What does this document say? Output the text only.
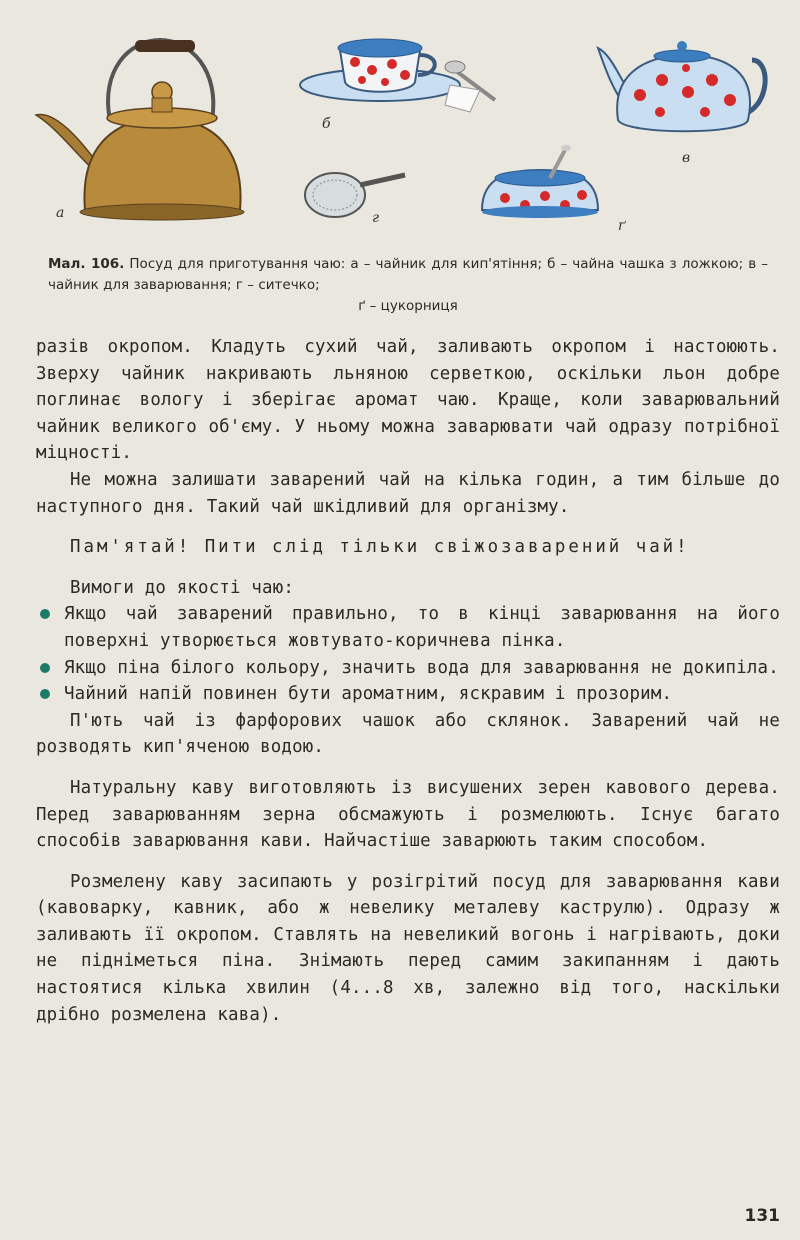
а
б
в
г	ґ
Мал. 106. Посуд для приготування чаю: а – чайник для кип'ятіння; б – чайна чашка з ложкою; в – чайник для заварювання; г – ситечко;
ґ – цукорниця

разів окропом. Кладуть сухий чай, заливають окропом і настоюють. Зверху чайник накривають льняною серветкою, оскільки льон добре поглинає вологу і зберігає аромат чаю. Краще, коли заварювальний чайник великого об'єму. У ньому можна заварювати чай одразу потрібної міцності.

Не можна залишати заварений чай на кілька годин, а тим більше до наступного дня. Такий чай шкідливий для організму.

Пам'ятай! Пити слід тільки свіжозаварений чай!

Вимоги до якості чаю:

Якщо чай заварений правильно, то в кінці заварювання на його поверхні утворюється жовтувато-коричнева пінка.
Якщо піна білого кольору, значить вода для заварювання не докипіла.
Чайний напій повинен бути ароматним, яскравим і прозорим.

П'ють чай із фарфорових чашок або склянок. Заварений чай не розводять кип'яченою водою.

Натуральну каву виготовляють із висушених зерен кавового дерева. Перед заварюванням зерна обсмажують і розмелюють. Існує багато способів заварювання кави. Найчастіше заварюють таким способом.

Розмелену каву засипають у розігрітий посуд для заварювання кави (кавоварку, кавник, або ж невелику металеву каструлю). Одразу ж заливають її окропом. Ставлять на невеликий вогонь і нагрівають, доки не підніметься піна. Знімають перед самим закипанням і дають настоятися кілька хвилин (4...8 хв, залежно від того, наскільки дрібно розмелена кава).

131
